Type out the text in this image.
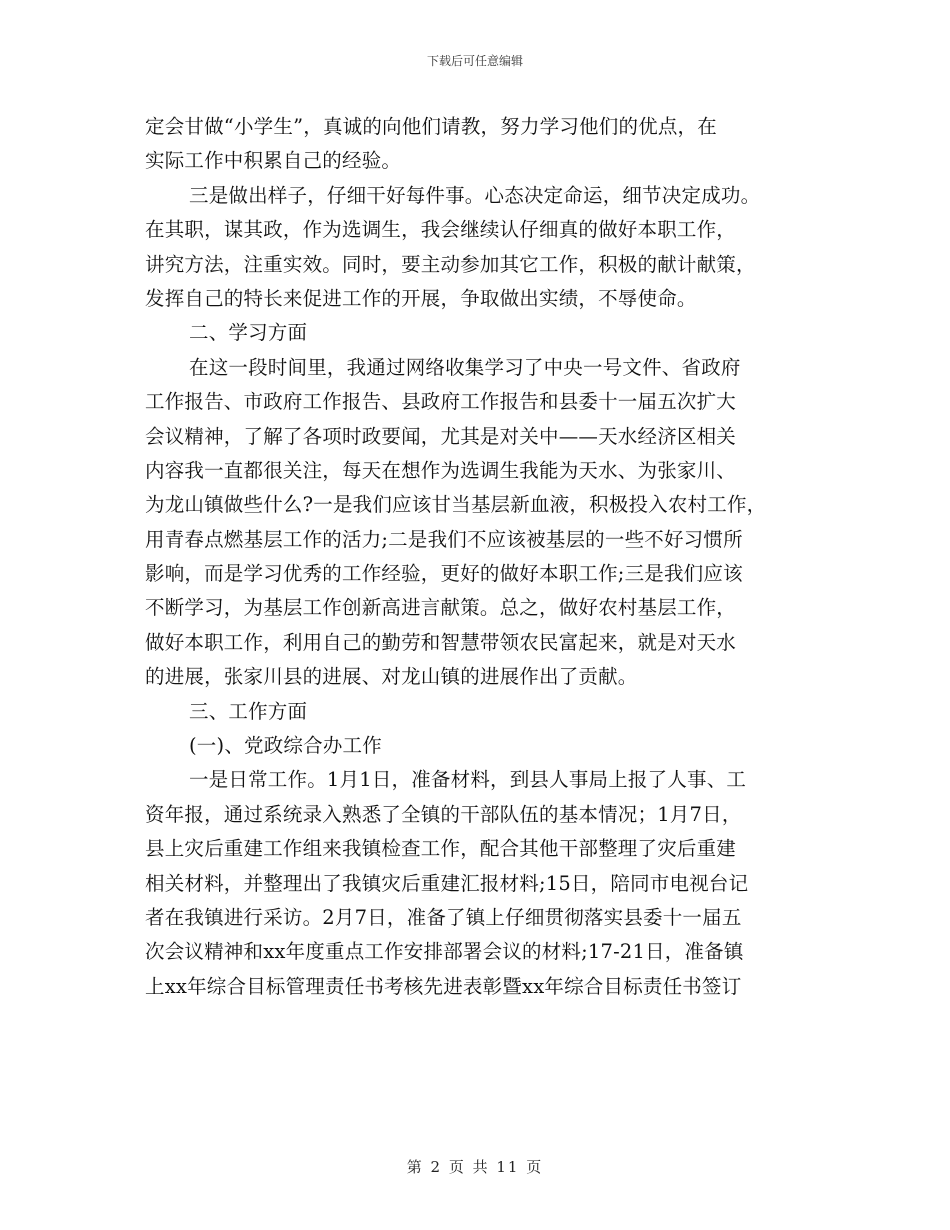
下载后可任意编辑
定会甘做“小学生”，真诚的向他们请教，努力学习他们的优点，在
实际工作中积累自己的经验。
三是做出样子，仔细干好每件事。心态决定命运，细节决定成功。
在其职，谋其政，作为选调生，我会继续认仔细真的做好本职工作，
讲究方法，注重实效。同时，要主动参加其它工作，积极的献计献策，
发挥自己的特长来促进工作的开展，争取做出实绩，不辱使命。
二、学习方面
在这一段时间里，我通过网络收集学习了中央一号文件、省政府
工作报告、市政府工作报告、县政府工作报告和县委十一届五次扩大
会议精神，了解了各项时政要闻，尤其是对关中——天水经济区相关
内容我一直都很关注，每天在想作为选调生我能为天水、为张家川、
为龙山镇做些什么?一是我们应该甘当基层新血液，积极投入农村工作，
用青春点燃基层工作的活力;二是我们不应该被基层的一些不好习惯所
影响，而是学习优秀的工作经验，更好的做好本职工作;三是我们应该
不断学习，为基层工作创新高进言献策。总之，做好农村基层工作，
做好本职工作，利用自己的勤劳和智慧带领农民富起来，就是对天水
的进展，张家川县的进展、对龙山镇的进展作出了贡献。
三、工作方面
(一)、党政综合办工作
一是日常工作。1月1日，准备材料，到县人事局上报了人事、工
资年报，通过系统录入熟悉了全镇的干部队伍的基本情况；1月7日，
县上灾后重建工作组来我镇检查工作，配合其他干部整理了灾后重建
相关材料，并整理出了我镇灾后重建汇报材料;15日，陪同市电视台记
者在我镇进行采访。2月7日，准备了镇上仔细贯彻落实县委十一届五
次会议精神和xx年度重点工作安排部署会议的材料;17-21日，准备镇
上xx年综合目标管理责任书考核先进表彰暨xx年综合目标责任书签订
第 2 页 共 11 页
